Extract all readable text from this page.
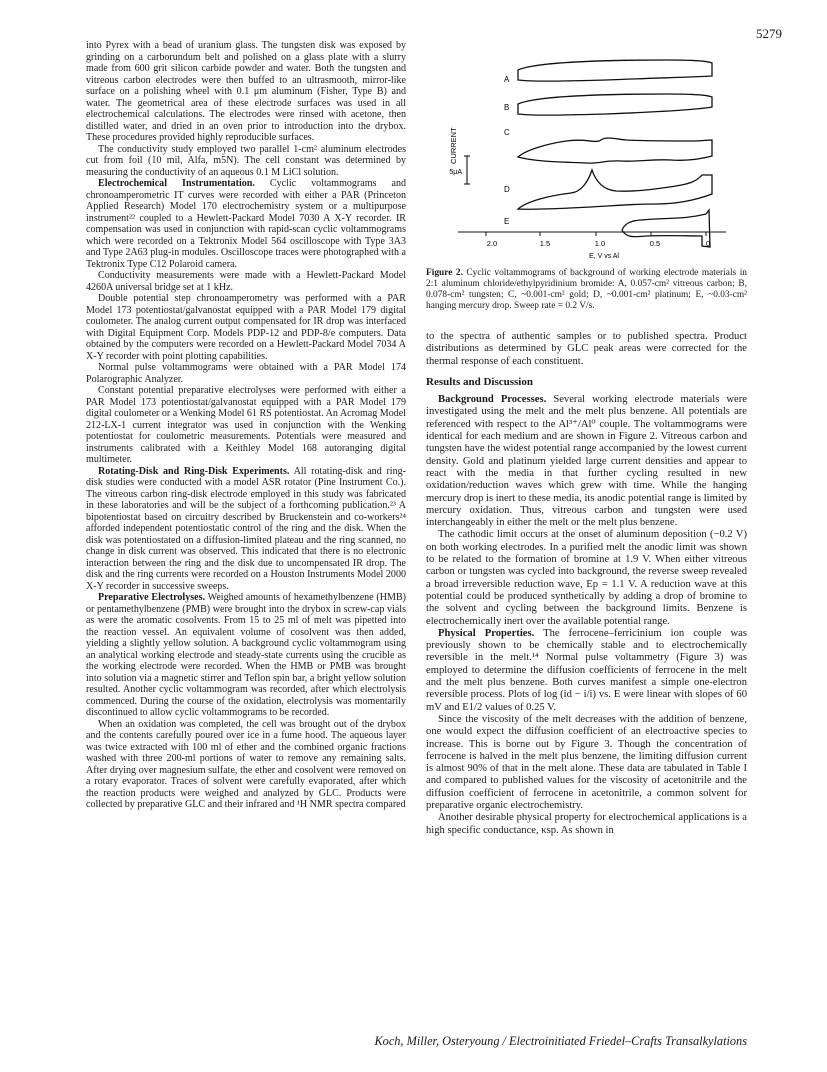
5279

into Pyrex with a bead of uranium glass. The tungsten disk was exposed by grinding on a carborundum belt and polished on a glass plate with a slurry made from 600 grit silicon carbide powder and water. Both the tungsten and vitreous carbon electrodes were then buffed to an ultrasmooth, mirror-like surface on a polishing wheel with 0.1 μm aluminum (Fisher, Type B) and water. The geometrical area of these electrode surfaces was used in all electrochemical calculations. The electrodes were rinsed with acetone, then distilled water, and dried in an oven prior to introduction into the drybox. These procedures provided highly reproducible surfaces.

The conductivity study employed two parallel 1-cm² aluminum electrodes cut from foil (10 mil, Alfa, m5N). The cell constant was determined by measuring the conductivity of an aqueous 0.1 M LiCl solution.

Electrochemical Instrumentation. Cyclic voltammograms and chronoamperometric IT curves were recorded with either a PAR (Princeton Applied Research) Model 170 electrochemistry system or a multipurpose instrument²² coupled to a Hewlett-Packard Model 7030 A X-Y recorder. IR compensation was used in conjunction with rapid-scan cyclic voltammograms which were recorded on a Tektronix Model 564 oscilloscope with Type 3A3 and Type 2A63 plug-in modules. Oscilloscope traces were photographed with a Tektronix Type C12 Polaroid camera.

Conductivity measurements were made with a Hewlett-Packard Model 4260A universal bridge set at 1 kHz.

Double potential step chronoamperometry was performed with a PAR Model 173 potentiostat/galvanostat equipped with a PAR Model 179 digital coulometer. The analog current output compensated for IR drop was interfaced with Digital Equipment Corp. Models PDP-12 and PDP-8/e computers. Data obtained by the computers were recorded on a Hewlett-Packard Model 7034 A X-Y recorder with point plotting capabilities.

Normal pulse voltammograms were obtained with a PAR Model 174 Polarographic Analyzer.

Constant potential preparative electrolyses were performed with either a PAR Model 173 potentiostat/galvanostat equipped with a PAR Model 179 digital coulometer or a Wenking Model 61 RS potentiostat. An Acromag Model 212-LX-1 current integrator was used in conjunction with the Wenking potentiostat for coulometric measurements. Potentials were measured and instruments calibrated with a Keithley Model 168 autoranging digital multimeter.

Rotating-Disk and Ring-Disk Experiments. All rotating-disk and ring-disk studies were conducted with a model ASR rotator (Pine Instrument Co.). The vitreous carbon ring-disk electrode employed in this study was fabricated in these laboratories and will be the subject of a forthcoming publication.²³ A bipotentiostat based on circuitry described by Bruckenstein and co-workers²⁴ afforded independent potentiostatic control of the ring and the disk. When the disk was potentiostated on a diffusion-limited plateau and the ring scanned, no change in disk current was observed. This indicated that there is no electronic interaction between the ring and the disk due to uncompensated IR drop. The disk and the ring currents were recorded on a Houston Instruments Model 2000 X-Y recorder in successive sweeps.

Preparative Electrolyses. Weighed amounts of hexamethylbenzene (HMB) or pentamethylbenzene (PMB) were brought into the drybox in screw-cap vials as were the aromatic cosolvents. From 15 to 25 ml of melt was pipetted into the reaction vessel. An equivalent volume of cosolvent was then added, yielding a slightly yellow solution. A background cyclic voltammogram using an analytical working electrode and steady-state currents using the crucible as the working electrode were recorded. When the HMB or PMB was brought into solution via a magnetic stirrer and Teflon spin bar, a bright yellow solution resulted. Another cyclic voltammogram was recorded, after which electrolysis commenced. During the course of the oxidation, electrolysis was momentarily discontinued to allow cyclic voltammograms to be recorded.

When an oxidation was completed, the cell was brought out of the drybox and the contents carefully poured over ice in a fume hood. The aqueous layer was twice extracted with 100 ml of ether and the combined organic fractions washed with three 200-ml portions of water to remove any remaining salts. After drying over magnesium sulfate, the ether and cosolvent were removed on a rotary evaporator. Traces of solvent were carefully evaporated, after which the reaction products were weighed and analyzed by GLC. Products were collected by preparative GLC and their infrared and ¹H NMR spectra compared

5μA
CURRENT
A
B
C
D
E
2.0	1.5	1.0	0.5	0
E, V vs Al
Figure 2. Cyclic voltammograms of background of working electrode materials in 2:1 aluminum chloride/ethylpyridinium bromide: A, 0.057-cm² vitreous carbon; B, 0.078-cm² tungsten; C, ~0.001-cm² gold; D, ~0.001-cm² platinum; E, ~0.03-cm² hanging mercury drop. Sweep rate = 0.2 V/s.

to the spectra of authentic samples or to published spectra. Product distributions as determined by GLC peak areas were corrected for the thermal response of each constituent.

Results and Discussion

Background Processes. Several working electrode materials were investigated using the melt and the melt plus benzene. All potentials are referenced with respect to the Al³⁺/Al⁰ couple. The voltammograms were identical for each medium and are shown in Figure 2. Vitreous carbon and tungsten have the widest potential range accompanied by the lowest current density. Gold and platinum yielded large current densities and appear to react with the media in that further cycling resulted in new oxidation/reduction waves which grew with time. While the hanging mercury drop is inert to these media, its anodic potential range is limited by mercury oxidation. Thus, vitreous carbon and tungsten were used interchangeably in either the melt or the melt plus benzene.

The cathodic limit occurs at the onset of aluminum deposition (−0.2 V) on both working electrodes. In a purified melt the anodic limit was shown to be related to the formation of bromine at 1.9 V. When either vitreous carbon or tungsten was cycled into background, the reverse sweep revealed a broad irreversible reduction wave, Ep = 1.1 V. A reduction wave at this potential could be produced synthetically by adding a drop of bromine to the solvent and cycling between the background limits. Benzene is electrochemically inert over the available potential range.

Physical Properties. The ferrocene–ferricinium ion couple was previously shown to be chemically stable and to electrochemically reversible in the melt.¹⁴ Normal pulse voltammetry (Figure 3) was employed to determine the diffusion coefficients of ferrocene in the melt and the melt plus benzene. Both curves manifest a simple one-electron reversible process. Plots of log (id − i/i) vs. E were linear with slopes of 60 mV and E1/2 values of 0.25 V.

Since the viscosity of the melt decreases with the addition of benzene, one would expect the diffusion coefficient of an electroactive species to increase. This is borne out by Figure 3. Though the concentration of ferrocene is halved in the melt plus benzene, the limiting diffusion current is almost 90% of that in the melt alone. These data are tabulated in Table I and compared to published values for the viscosity of acetonitrile and the diffusion coefficient of ferrocene in acetonitrile, a common solvent for preparative organic electrochemistry.

Another desirable physical property for electrochemical applications is a high specific conductance, κsp. As shown in

Koch, Miller, Osteryoung / Electroinitiated Friedel–Crafts Transalkylations
